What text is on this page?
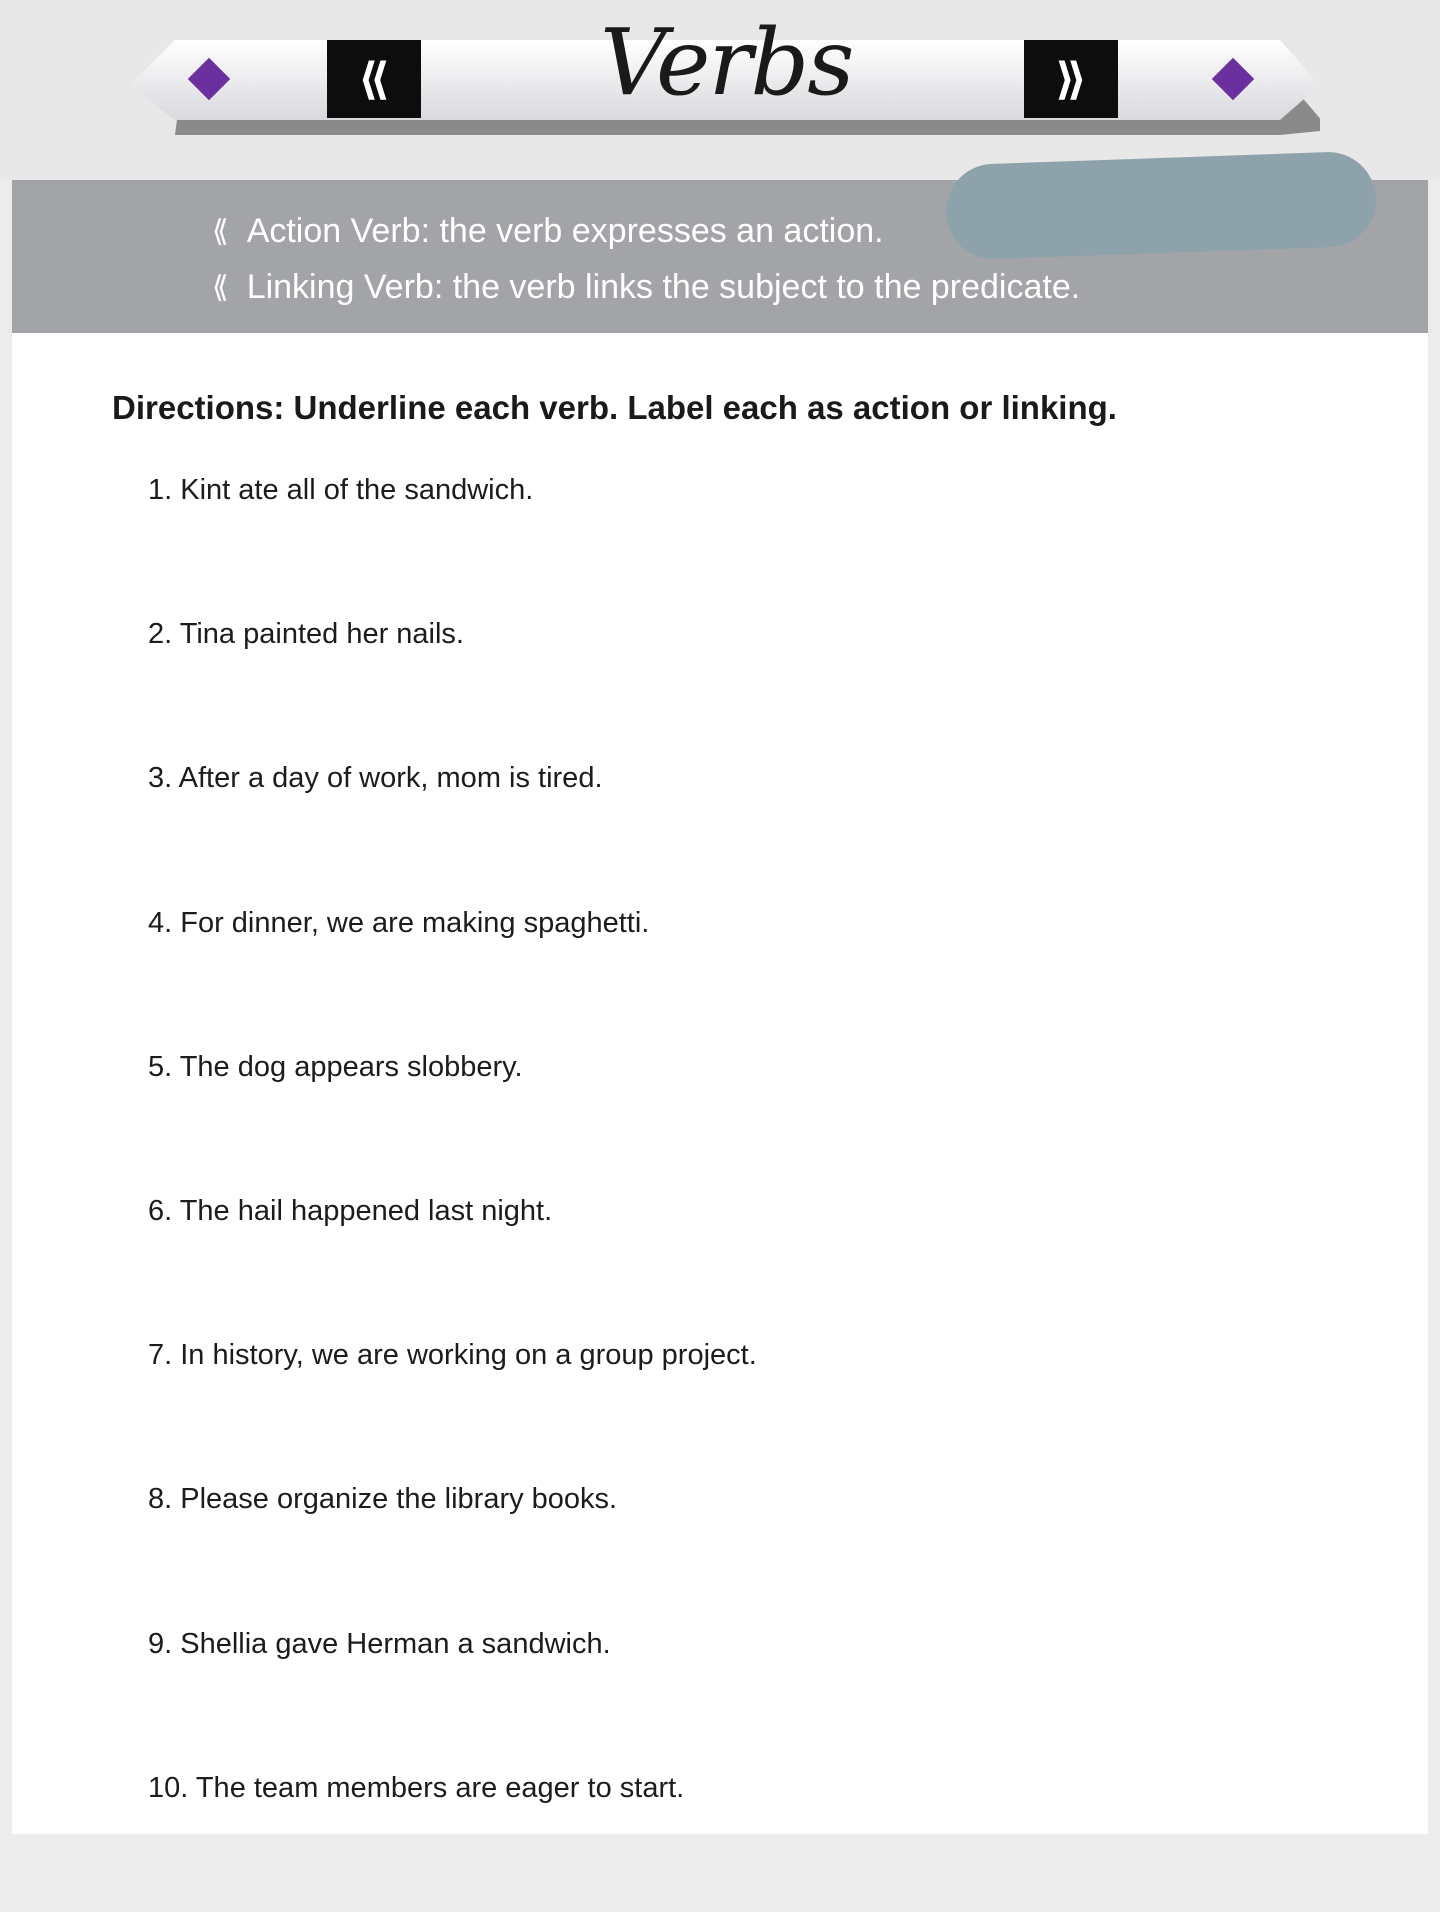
⟪	⟫
Verbs
⟪ Action Verb: the verb expresses an action.
⟪ Linking Verb: the verb links the subject to the predicate.
Directions: Underline each verb. Label each as action or linking.
1. Kint ate all of the sandwich.
2. Tina painted her nails.
3. After a day of work, mom is tired.
4. For dinner, we are making spaghetti.
5. The dog appears slobbery.
6. The hail happened last night.
7. In history, we are working on a group project.
8. Please organize the library books.
9. Shellia gave Herman a sandwich.
10. The team members are eager to start.
